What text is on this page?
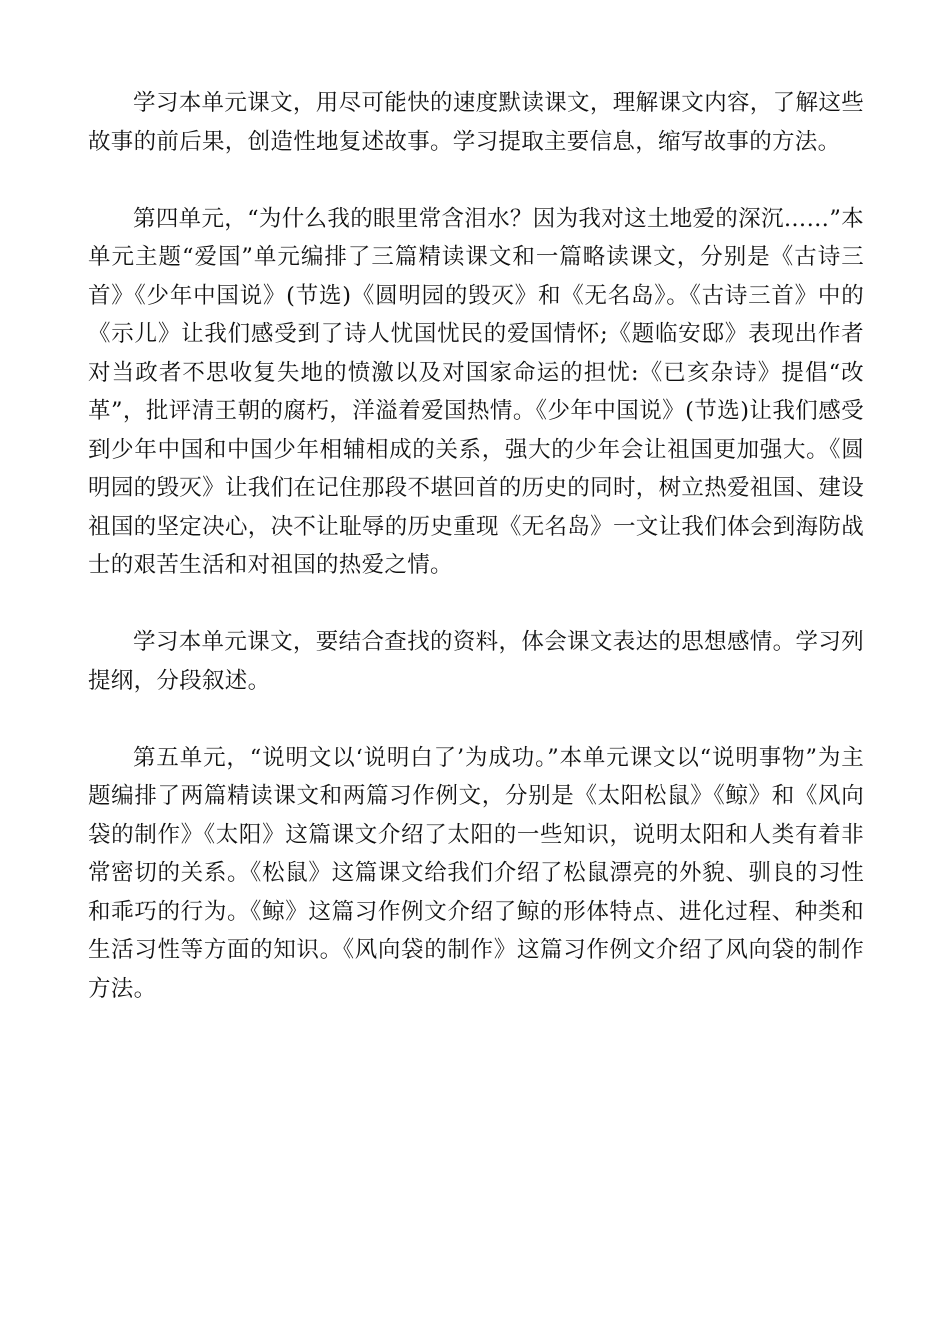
学习本单元课文，用尽可能快的速度默读课文，理解课文内容，了解这些故事的前后果，创造性地复述故事。学习提取主要信息，缩写故事的方法。

第四单元，“为什么我的眼里常含泪水？因为我对这土地爱的深沉……”本单元主题“爱国”单元编排了三篇精读课文和一篇略读课文，分别是《古诗三首》《少年中国说》(节选)《圆明园的毁灭》和《无名岛》。《古诗三首》中的《示儿》让我们感受到了诗人忧国忧民的爱国情怀;《题临安邸》表现出作者对当政者不思收复失地的愤激以及对国家命运的担忧:《已亥杂诗》提倡“改革”，批评清王朝的腐朽，洋溢着爱国热情。《少年中国说》(节选)让我们感受到少年中国和中国少年相辅相成的关系，强大的少年会让祖国更加强大。《圆明园的毁灭》让我们在记住那段不堪回首的历史的同时，树立热爱祖国、建设祖国的坚定决心，决不让耻辱的历史重现《无名岛》一文让我们体会到海防战士的艰苦生活和对祖国的热爱之情。

学习本单元课文，要结合查找的资料，体会课文表达的思想感情。学习列提纲，分段叙述。

第五单元，“说明文以‘说明白了’为成功。”本单元课文以“说明事物”为主题编排了两篇精读课文和两篇习作例文，分别是《太阳松鼠》《鲸》和《风向袋的制作》《太阳》这篇课文介绍了太阳的一些知识，说明太阳和人类有着非常密切的关系。《松鼠》这篇课文给我们介绍了松鼠漂亮的外貌、驯良的习性和乖巧的行为。《鲸》这篇习作例文介绍了鲸的形体特点、进化过程、种类和生活习性等方面的知识。《风向袋的制作》这篇习作例文介绍了风向袋的制作方法。
